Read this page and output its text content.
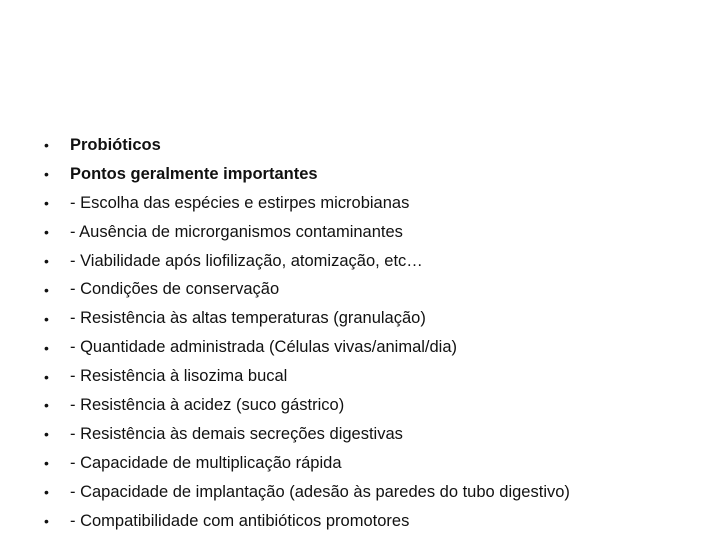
•	Probióticos
•	Pontos geralmente importantes
•	- Escolha das espécies e estirpes microbianas
•	- Ausência de microrganismos contaminantes
•	- Viabilidade após liofilização, atomização, etc…
•	- Condições de conservação
•	- Resistência às altas temperaturas (granulação)
•	- Quantidade administrada (Células vivas/animal/dia)
•	- Resistência à lisozima bucal
•	- Resistência à acidez (suco gástrico)
•	- Resistência às demais secreções digestivas
•	- Capacidade de multiplicação rápida
•	- Capacidade de implantação (adesão às paredes do tubo digestivo)
•	- Compatibilidade com antibióticos promotores
